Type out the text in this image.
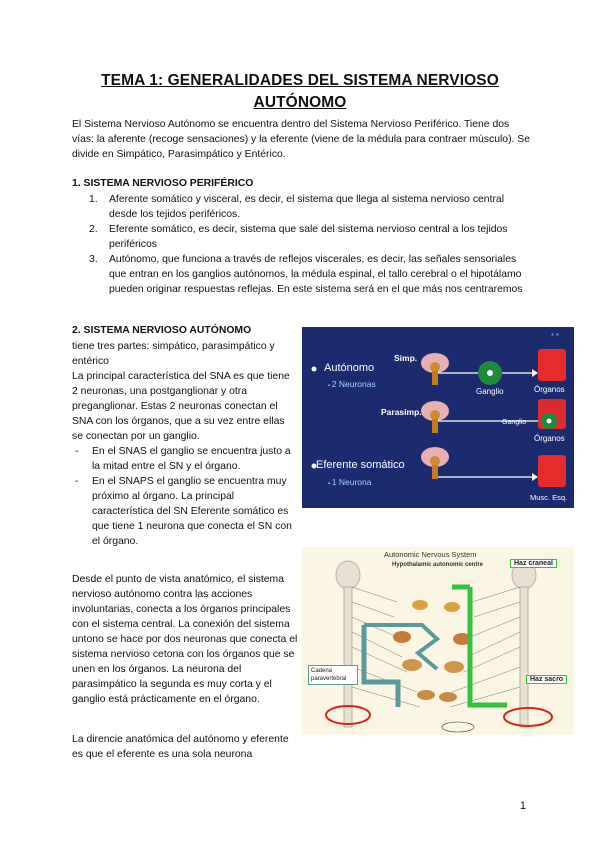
TEMA 1: GENERALIDADES DEL SISTEMA NERVIOSO
AUTÓNOMO
El Sistema Nervioso Autónomo se encuentra dentro del Sistema Nervioso Periférico. Tiene dos vías: la aferente (recoge sensaciones) y la eferente (viene de la médula para contraer músculo). Se divide en Simpático, Parasimpático y Entérico.
1. SISTEMA NERVIOSO PERIFÉRICO
1. Aferente somático y visceral, es decir, el sistema que llega al sistema nervioso central desde los tejidos periféricos.
2. Eferente somático, es decir, sistema que sale del sistema nervioso central a los tejidos periféricos
3. Autónomo, que funciona a través de reflejos viscerales, es decir, las señales sensoriales que entran en los ganglios autónomos, la médula espinal, el tallo cerebral o el hipotálamo pueden originar respuestas reflejas. En este sistema será en el que más nos centraremos
2. SISTEMA NERVIOSO AUTÓNOMO
tiene tres partes: simpático, parasimpático y entérico
La principal característica del SNA es que tiene 2 neuronas, una postganglionar y otra preganglionar. Estas 2 neuronas conectan el SNA con los órganos, que a su vez entre ellas se conectan por un ganglio.
- En el SNAS el ganglio se encuentra justo a la mitad entre el SN y el órgano.
- En el SNAPS el ganglio se encuentra muy próximo al órgano. La principal característica del SN Eferente somático es que tiene 1 neurona que conecta el SN con el órgano.
Desde el punto de vista anatómico, el sistema nervioso autónomo contra las acciones involuntarias, conecta a los órganos principales con el sistema central. La conexión del sistema untono se hace por dos neuronas que conecta el sistema nervioso cetona con los órganos que se unen en los órganos. La neurona del parasimpático la segunda es muy corta y el ganglio está prácticamente en el órgano.
La direncie anatómica del autónomo y eferente es que el eferente es una sola neurona
▪ ▪
Autónomo
▪ 2 Neuronas
Eferente somático
▪ 1 Neurona
Simp.
Parasimp.
Ganglio
Ganglio
Órganos
Órganos
Musc. Esq.
Autonomic Nervous System
Hypothalamic autonomic centre	Haz craneal
Haz sacro
Cadena paravertebral
1
